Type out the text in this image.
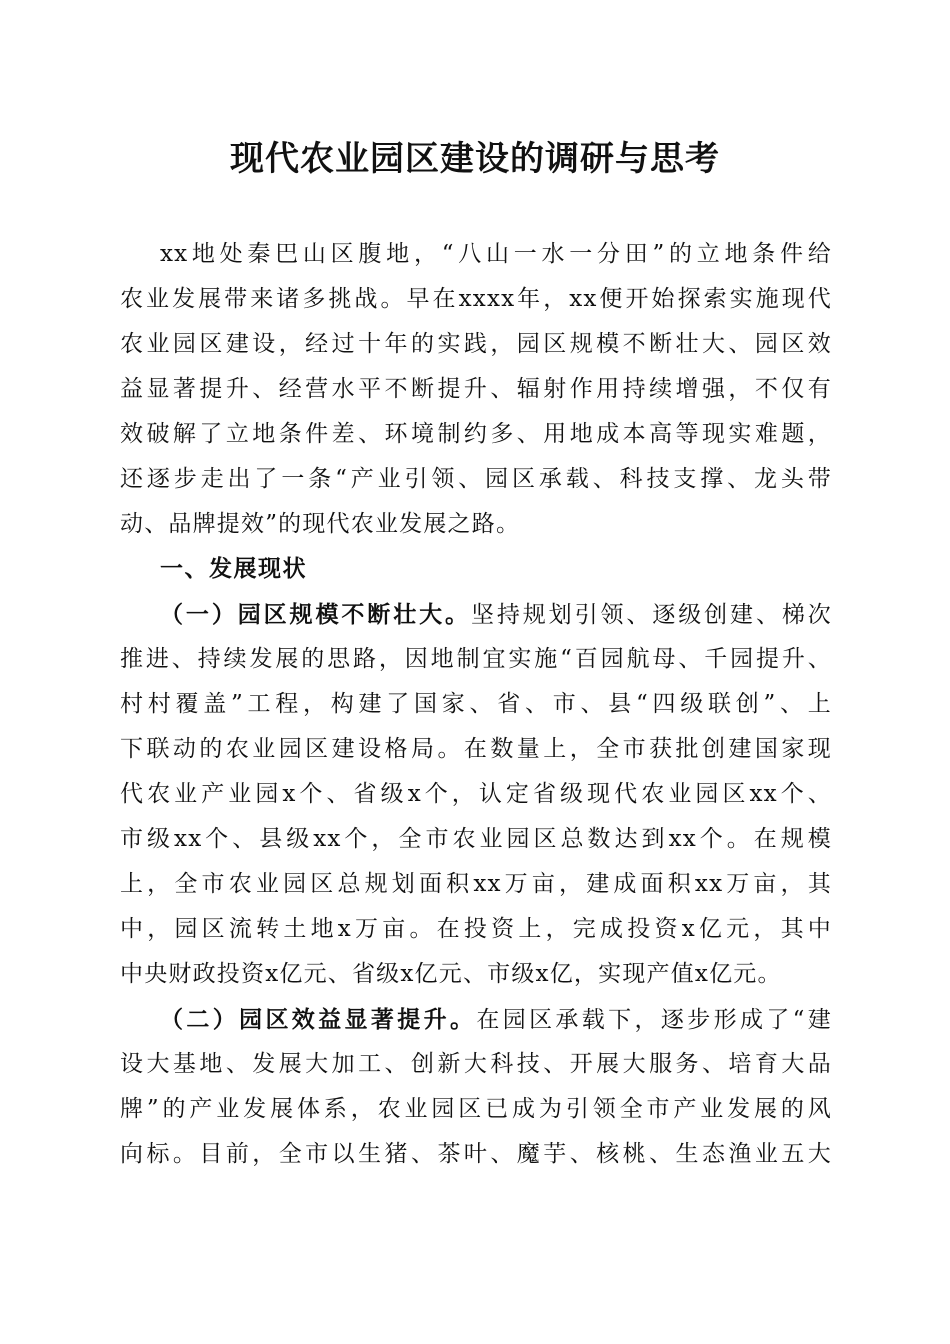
现代农业园区建设的调研与思考
xx地处秦巴山区腹地，“八山一水一分田”的立地条件给
农业发展带来诸多挑战。早在xxxx年，xx便开始探索实施现代
农业园区建设，经过十年的实践，园区规模不断壮大、园区效
益显著提升、经营水平不断提升、辐射作用持续增强，不仅有
效破解了立地条件差、环境制约多、用地成本高等现实难题，
还逐步走出了一条“产业引领、园区承载、科技支撑、龙头带
动、品牌提效”的现代农业发展之路。
一、发展现状
（一）园区规模不断壮大。坚持规划引领、逐级创建、梯次
推进、持续发展的思路，因地制宜实施“百园航母、千园提升、
村村覆盖”工程，构建了国家、省、市、县“四级联创”、上
下联动的农业园区建设格局。在数量上，全市获批创建国家现
代农业产业园x个、省级x个，认定省级现代农业园区xx个、
市级xx个、县级xx个，全市农业园区总数达到xx个。在规模
上，全市农业园区总规划面积xx万亩，建成面积xx万亩，其
中，园区流转土地x万亩。在投资上，完成投资x亿元，其中
中央财政投资x亿元、省级x亿元、市级x亿，实现产值x亿元。
（二）园区效益显著提升。在园区承载下，逐步形成了“建
设大基地、发展大加工、创新大科技、开展大服务、培育大品
牌”的产业发展体系，农业园区已成为引领全市产业发展的风
向标。目前，全市以生猪、茶叶、魔芋、核桃、生态渔业五大
